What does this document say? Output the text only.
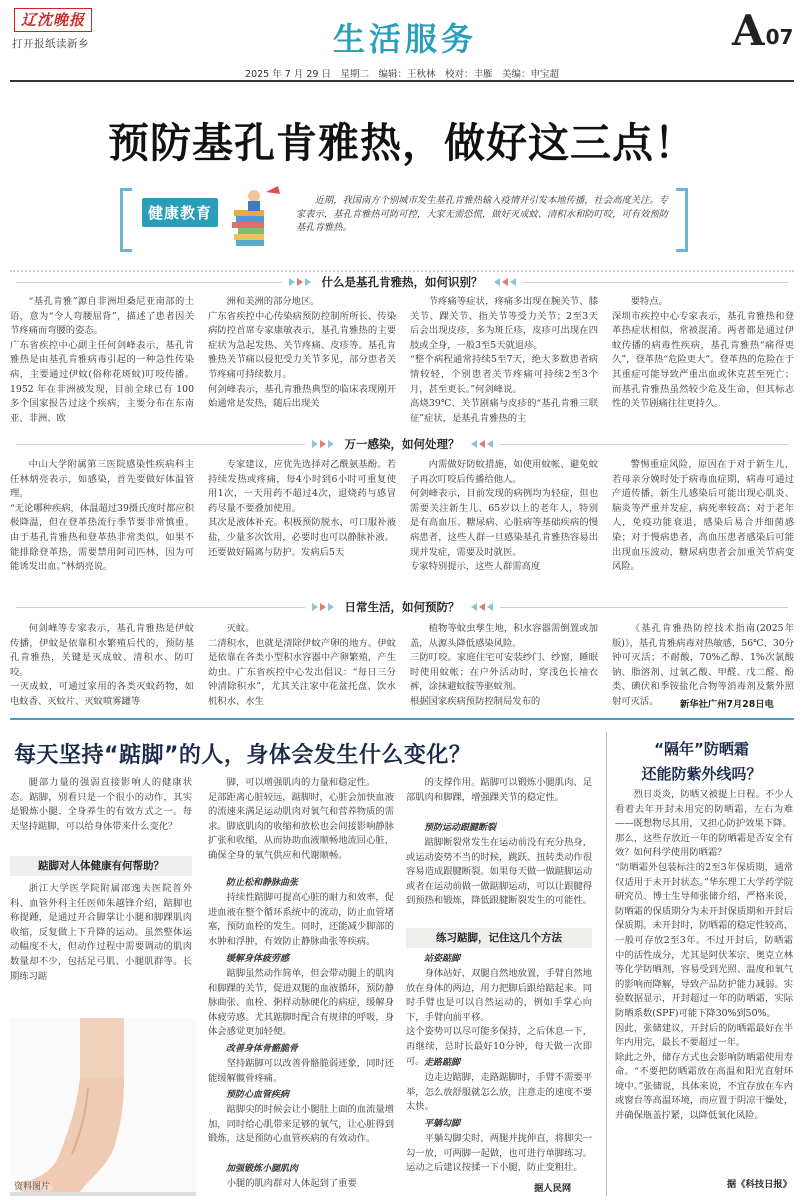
辽沈晚报
打开报纸读新乡	生活服务	A 07
2025 年 7 月 29 日　星期二　编辑：王秋林　校对：丰雁　美编：申宝超
预防基孔肯雅热，做好这三点！
健康教育
近期，我国南方个别城市发生基孔肯雅热输入疫情并引发本地传播，社会高度关注。专家表示，基孔肯雅热可防可控，大家无需恐慌，做好灭成蚊、清积水和防叮咬，可有效预防基孔肯雅热。
什么是基孔肯雅热，如何识别？
“基孔肯雅”源自非洲坦桑尼亚南部的土语，意为“令人弯腰屈背”，描述了患者因关节疼痛而弯腰的姿态。
广东省疾控中心副主任何剑峰表示，基孔肯雅热是由基孔肯雅病毒引起的一种急性传染病，主要通过伊蚊(俗称花斑蚊)叮咬传播。1952 年在非洲被发现，目前全球已有 100 多个国家报告过这个疾病，主要分布在东南亚、非洲、欧
洲和美洲的部分地区。
广东省疾控中心传染病预防控制所所长、传染病防控首席专家康敏表示，基孔肯雅热的主要症状为急起发热、关节疼痛、皮疹等。基孔肯雅热关节痛以侵犯受力关节多见，部分患者关节疼痛可持续数月。
何剑峰表示，基孔肯雅热典型的临床表现刚开始通常是发热，随后出现关
节疼痛等症状，疼痛多出现在腕关节、膝关节、踝关节、指关节等受力关节；2至3天后会出现皮疹，多为斑丘疹，皮疹可出现在四肢或全身，一般3至5天就退疹。
“整个病程通常持续5至7天，绝大多数患者病情较轻，个别患者关节疼痛可持续2至3个月，甚至更长。”何剑峰说。
高烧39℃、关节剧痛与皮疹的“基孔肯雅三联征”症状，是基孔肯雅热的主
要特点。
深圳市疾控中心专家表示，基孔肯雅热和登革热症状相似，常被混淆。两者都是通过伊蚊传播的病毒性疾病，基孔肯雅热“痛得更久”，登革热“危险更大”。登革热的危险在于其重症可能导致严重出血或休克甚至死亡；而基孔肯雅热虽然较少危及生命，但其标志性的关节剧痛往往更持久。
万一感染，如何处理？
中山大学附属第三医院感染性疾病科主任林炳亮表示，如感染，首先要做好体温管理。
“无论哪种疾病，体温超过39摄氏度时都应积极降温，但在登革热流行季节要非常慎重。由于基孔肯雅热和登革热非常类似，如果不能排除登革热，需要禁用阿司匹林，因为可能诱发出血。”林炳亮说。
专家建议，应优先选择对乙酰氨基酚。若持续发热或疼痛，每4小时到6小时可重复使用1次，一天用药不超过4次，退烧药与感冒药尽量不要叠加使用。
其次是液体补充。积极预防脱水，可口服补液盐，少量多次饮用，必要时也可以静脉补液。
还要做好隔离与防护。发病后5天
内需做好防蚊措施，如使用蚊帐、避免蚊子再次叮咬后传播给他人。
何剑峰表示，目前发现的病例均为轻症，但也需要关注新生儿、65岁以上的老年人，特别是有高血压、糖尿病、心脏病等基础疾病的慢病患者，这些人群一旦感染基孔肯雅热容易出现并发症，需要及时就医。
专家特别提示，这些人群需高度
警惕重症风险，原因在于对于新生儿，若母亲分娩时处于病毒血症期，病毒可通过产道传播，新生儿感染后可能出现心肌炎、脑炎等严重并发症，病死率较高；对于老年人，免疫功能衰退，感染后易合并细菌感染；对于慢病患者，高血压患者感染后可能出现血压波动，糖尿病患者会加重关节病变风险。
日常生活，如何预防？
何剑峰等专家表示，基孔肯雅热是伊蚊传播，伊蚊是依靠积水繁殖后代的，预防基孔肯雅热，关键是灭成蚊、清积水、防叮咬。
一灭成蚊，可通过家用的各类灭蚊药物，如电蚊香、灭蚊片、灭蚊喷雾罐等
灭蚊。
二清积水，也就是清除伊蚊产卵的地方。伊蚊是依靠在各类小型积水容器中产卵繁殖，产生幼虫。广东省疾控中心发出倡议：“每日三分钟清除积水”，尤其关注家中花盆托盘、饮水机积水、水生
植物等蚊虫孳生地，积水容器需倒置或加盖，从源头降低感染风险。
三防叮咬。家庭住宅可安装纱门、纱窗，睡眠时使用蚊帐；在户外活动时，穿浅色长袖衣裤，涂抹避蚊胺等驱蚊剂。
根据国家疾病预防控制局发布的
《基孔肯雅热防控技术指南(2025年版)》，基孔肯雅病毒对热敏感，56℃、30分钟可灭活；不耐酸，70%乙醇、1%次氯酸钠、脂溶剂、过氧乙酸、甲醛、戊二醛、酚类、碘伏和季铵盐化合物等消毒剂及紫外照射可灭活。	新华社广州7月28日电
每天坚持“踮脚”的人，身体会发生什么变化？
腿部力量的强弱直接影响人的健康状态。踮脚，别看只是一个很小的动作，其实是锻炼小腿、全身养生的有效方式之一。每天坚持踮脚，可以给身体带来什么变化？
踮脚对人体健康有何帮助？
浙江大学医学院附属邵逸夫医院普外科、血管外科主任医师朱越锋介绍，踮脚也称提踵，是通过开合脚掌让小腿和脚踝肌肉收缩，反复做上下升降的运动。虽然整体运动幅度不大，但动作过程中需要调动的肌肉数量却不少，包括足弓肌、小腿肌群等。长期练习踮
资料图片
脚，可以增强肌肉的力量和稳定性。
足部距离心脏较远，踮脚时，心脏会加快血液的流速来满足运动肌肉对氧气和营养物质的需求。脚底肌肉的收缩和放松也会间接影响静脉扩张和收缩，从而协助血液顺畅地流回心脏，确保全身的氧气供应和代谢顺畅。
防止松和静脉曲张
持续性踮脚可提高心脏的耐力和效率，促进血液在整个循环系统中的流动，防止血管堵塞，预防血栓的发生。同时，还能减少脚部的水肿和浮肿，有效防止静脉曲张等疾病。
缓解身体疲劳感
踮脚虽然动作简单，但会带动腿上的肌肉和脚踝的关节，促进双腿的血液循环，预防静脉曲张、血栓、粥样动脉硬化的病症，缓解身体疲劳感。尤其踮脚时配合有规律的呼吸，身体会感觉更加轻便。
改善身体骨骼脆骨
坚持踮脚可以改善骨骼脆弱迹象，同时还能缓解髋骨疼痛。
预防心血管疾病
踮脚尖的时候会让小腿肚上面的血流量增加，同时给心肌带来足够的氧气，让心脏得到锻炼，这是预防心血管疾病的有效动作。
加强锻炼小腿肌肉
小腿的肌肉群对人体起到了重要
的支撑作用。踮脚可以锻炼小腿肌肉、足部肌肉和脚踝，增强踝关节的稳定性。
预防运动跟腱断裂
踮脚断裂常发生在运动前没有充分热身，或运动姿势不当的时候，跳跃、扭转类动作很容易造成跟腱断裂。如果每天做一做踮脚运动或者在运动前做一做踮脚运动，可以让跟腱得到预热和锻炼，降低跟腱断裂发生的可能性。
练习踮脚，记住这几个方法
站姿踮脚
身体站好，双腿自然地放置，手臂自然地放在身体的两边，用力把脚后跟给踮起来。同时手臂也是可以自然运动的，例如手掌心向下，手臂向前平移。
这个姿势可以尽可能多保持，之后休息一下，再继续，总时长最好10分钟，每天做一次即可。 走路踮脚
边走边踮脚，走路踮脚时，手臂不需要平举，怎么放舒服就怎么放，注意走的速度不要太快。
平躺勾脚
平躺勾脚尖时，两腿并拢伸直，将脚尖一勾一放，可两脚一起做，也可进行单脚练习。运动之后建议按揉一下小腿，防止变粗壮。
据人民网
“隔年”防晒霜
还能防紫外线吗？
烈日炎炎，防晒又被提上日程。不少人看着去年开封未用完的防晒霜，左右为难——既想物尽其用，又担心防护效果下降。
那么，这些存放近一年的防晒霜是否安全有效？如何科学使用防晒霜？
“防晒霜外包装标注的2至3年保质期，通常仅适用于未开封状态。”华东理工大学药学院研究员、博士生导师张储介绍，严格来说，防晒霜的保质期分为未开封保质期和开封后保质期。未开封时，防晒霜的稳定性较高，一般可存放2至3年。不过开封后，防晒霜中的活性成分，尤其是阿伏苯宗、奥克立林等化学防晒剂，容易受到光照、温度和氧气的影响而降解，导致产品防护能力减弱。实验数据显示，开封超过一年的防晒霜，实际防晒系数(SPF)可能下降30%到50%。
因此，张储建议，开封后的防晒霜最好在半年内用完，最长不要超过一年。
除此之外，储存方式也会影响防晒霜使用寿命。“不要把防晒霜放在高温和阳光直射环境中。”张储说，具体来说，不宜存放在车内或窗台等高温环境，而应置于阴凉干燥处，并确保瓶盖拧紧，以降低氧化风险。
据《科技日报》
